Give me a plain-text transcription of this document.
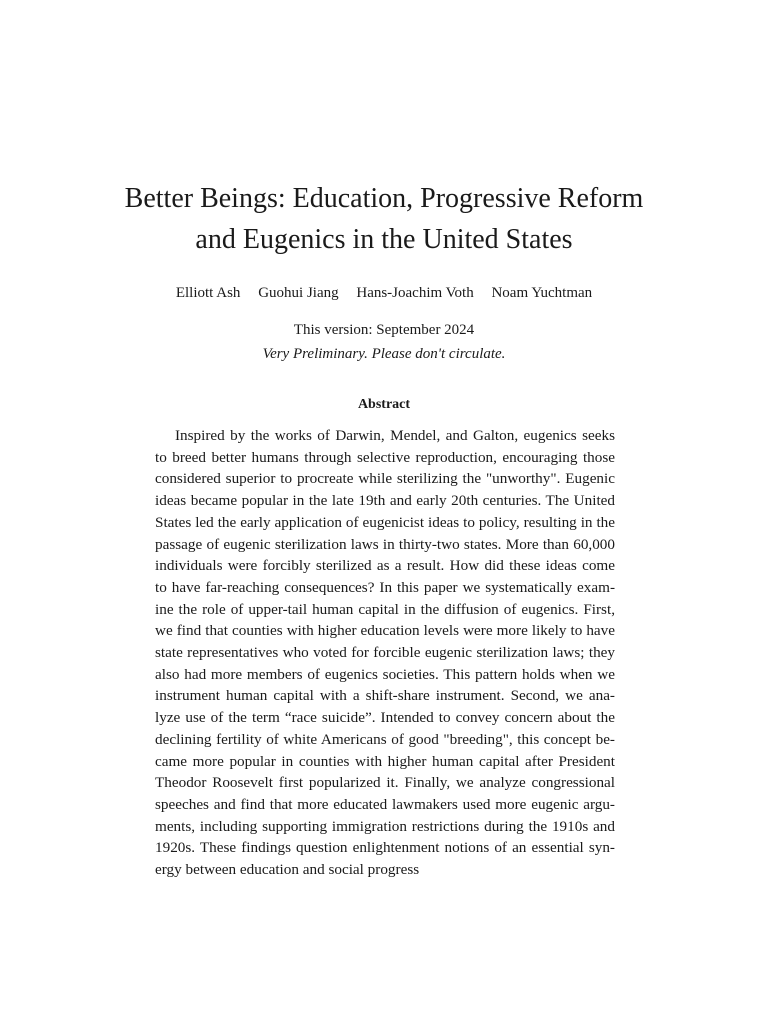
Better Beings: Education, Progressive Reform
and Eugenics in the United States
Elliott Ash Guohui Jiang Hans-Joachim Voth Noam Yuchtman
This version: September 2024
Very Preliminary. Please don't circulate.
Abstract
Inspired by the works of Darwin, Mendel, and Galton, eugenics seeks
to breed better humans through selective reproduction, encouraging those
considered superior to procreate while sterilizing the "unworthy". Eugenic
ideas became popular in the late 19th and early 20th centuries. The United
States led the early application of eugenicist ideas to policy, resulting in the
passage of eugenic sterilization laws in thirty-two states. More than 60,000
individuals were forcibly sterilized as a result. How did these ideas come
to have far-reaching consequences? In this paper we systematically exam-
ine the role of upper-tail human capital in the diffusion of eugenics. First,
we find that counties with higher education levels were more likely to have
state representatives who voted for forcible eugenic sterilization laws; they
also had more members of eugenics societies. This pattern holds when we
instrument human capital with a shift-share instrument. Second, we ana-
lyze use of the term “race suicide”. Intended to convey concern about the
declining fertility of white Americans of good "breeding", this concept be-
came more popular in counties with higher human capital after President
Theodor Roosevelt first popularized it. Finally, we analyze congressional
speeches and find that more educated lawmakers used more eugenic argu-
ments, including supporting immigration restrictions during the 1910s and
1920s. These findings question enlightenment notions of an essential syn-
ergy between education and social progress
